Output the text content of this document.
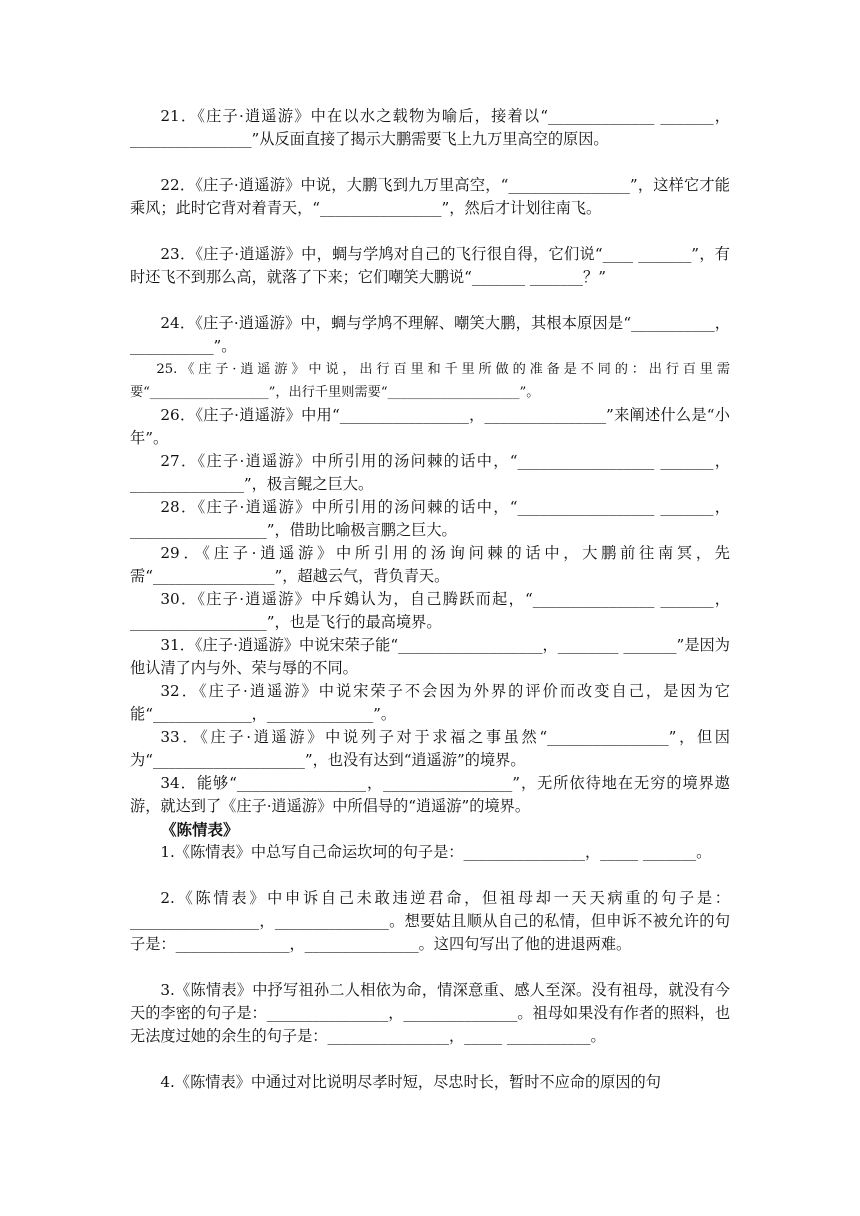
21．《庄子·逍遥游》中在以水之载物为喻后，接着以“______________ _______，________________”从反面直接了揭示大鹏需要飞上九万里高空的原因。
22．《庄子·逍遥游》中说，大鹏飞到九万里高空，“________________”，这样它才能乘风；此时它背对着青天，“________________”，然后才计划往南飞。
23．《庄子·逍遥游》中，蜩与学鸠对自己的飞行很自得，它们说“____ _______”，有时还飞不到那么高，就落了下来；它们嘲笑大鹏说“_______ _______？”
24．《庄子·逍遥游》中，蜩与学鸠不理解、嘲笑大鹏，其根本原因是“___________，___________”。
25.《庄子·逍遥游》中说，出行百里和千里所做的准备是不同的：出行百里需要“__________________”，出行千里则需要“____________________”。
26．《庄子·逍遥游》中用“_________________，________________”来阐述什么是“小年”。
27．《庄子·逍遥游》中所引用的汤问棘的话中，“__________________ _______，_______________”，极言鲲之巨大。
28．《庄子·逍遥游》中所引用的汤问棘的话中，“__________________ _______，__________________”，借助比喻极言鹏之巨大。
29．《庄子·逍遥游》中所引用的汤询问棘的话中，大鹏前往南冥，先需“________________”，超越云气，背负青天。
30．《庄子·逍遥游》中斥鴳认为，自己腾跃而起，“________________ _______，__________________”，也是飞行的最高境界。
31．《庄子·逍遥游》中说宋荣子能“___________________，________ _______”是因为他认清了内与外、荣与辱的不同。
32．《庄子·逍遥游》中说宋荣子不会因为外界的评价而改变自己，是因为它能“_____________，______________”。
33．《庄子·逍遥游》中说列子对于求福之事虽然“________________”，但因为“____________________”，也没有达到“逍遥游”的境界。
34．能够“_________________，_________________”，无所依待地在无穷的境界遨游，就达到了《庄子·逍遥游》中所倡导的“逍遥游”的境界。
《陈情表》
1.《陈情表》中总写自己命运坎坷的句子是：________________，_____ _______。
2.《陈情表》中申诉自己未敢违逆君命，但祖母却一天天病重的句子是：_________________，_______________。想要姑且顺从自己的私情，但申诉不被允许的句子是：_______________，_______________。这四句写出了他的进退两难。
3.《陈情表》中抒写祖孙二人相依为命，情深意重、感人至深。没有祖母，就没有今天的李密的句子是：________________，_______________。祖母如果没有作者的照料，也无法度过她的余生的句子是：________________，_____ ___________。
4.《陈情表》中通过对比说明尽孝时短，尽忠时长，暂时不应命的原因的句
